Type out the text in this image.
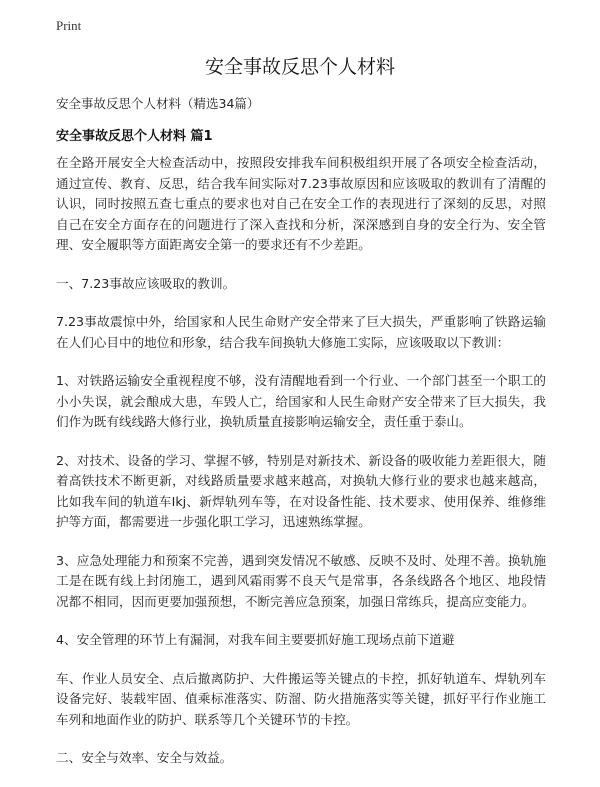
Print
安全事故反思个人材料
安全事故反思个人材料（精选34篇）
安全事故反思个人材料 篇1

在全路开展安全大检查活动中，按照段安排我车间积极组织开展了各项安全检查活动，通过宣传、教育、反思，结合我车间实际对7.23事故原因和应该吸取的教训有了清醒的认识，同时按照五查七重点的要求也对自己在安全工作的表现进行了深刻的反思，对照自己在安全方面存在的问题进行了深入查找和分析，深深感到自身的安全行为、安全管理、安全履职等方面距离安全第一的要求还有不少差距。

一、7.23事故应该吸取的教训。

7.23事故震惊中外，给国家和人民生命财产安全带来了巨大损失，严重影响了铁路运输在人们心目中的地位和形象，结合我车间换轨大修施工实际，应该吸取以下教训：

1、对铁路运输安全重视程度不够，没有清醒地看到一个行业、一个部门甚至一个职工的小小失误，就会酿成大患，车毁人亡，给国家和人民生命财产安全带来了巨大损失，我们作为既有线线路大修行业，换轨质量直接影响运输安全，责任重于泰山。

2、对技术、设备的学习、掌握不够，特别是对新技术、新设备的吸收能力差距很大，随着高铁技术不断更新，对线路质量要求越来越高，对换轨大修行业的要求也越来越高，比如我车间的轨道车Ikj、新焊轨列车等，在对设备性能、技术要求、使用保养、维修维护等方面，都需要进一步强化职工学习，迅速熟练掌握。

3、应急处理能力和预案不完善，遇到突发情况不敏感、反映不及时、处理不善。换轨施工是在既有线上封闭施工，遇到风霜雨雾不良天气是常事，各条线路各个地区、地段情况都不相同，因而更要加强预想，不断完善应急预案，加强日常练兵，提高应变能力。

4、安全管理的环节上有漏洞，对我车间主要要抓好施工现场点前下道避

车、作业人员安全、点后撤离防护、大件搬运等关键点的卡控，抓好轨道车、焊轨列车设备完好、装载牢固、值乘标准落实、防溜、防火措施落实等关键，抓好平行作业施工车列和地面作业的防护、联系等几个关键环节的卡控。

二、安全与效率、安全与效益。
